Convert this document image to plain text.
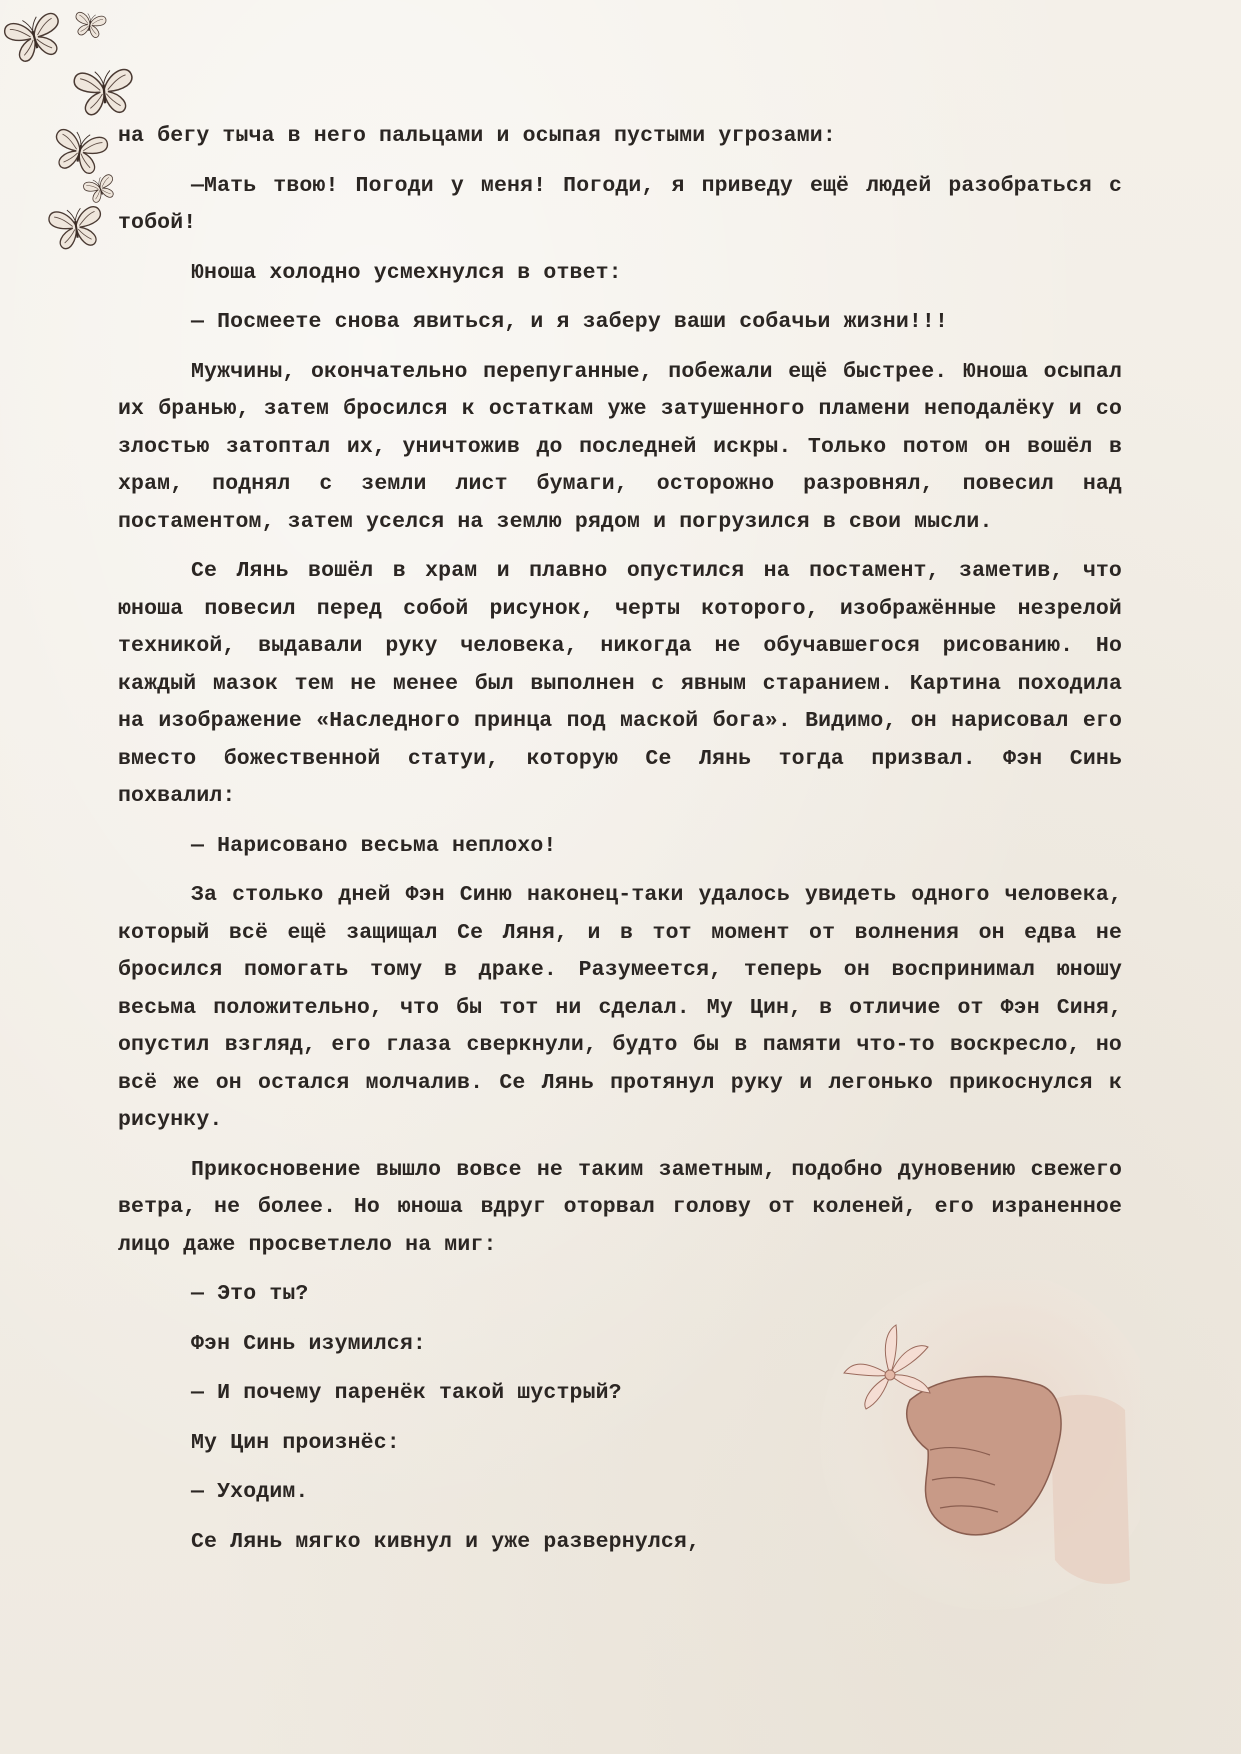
на бегу тыча в него пальцами и осыпая пустыми угрозами:

—Мать твою! Погоди у меня! Погоди, я приведу ещё людей разобраться с тобой!

Юноша холодно усмехнулся в ответ:

— Посмеете снова явиться, и я заберу ваши собачьи жизни!!!

Мужчины, окончательно перепуганные, побежали ещё быстрее. Юноша осыпал их бранью, затем бросился к остаткам уже затушенного пламени неподалёку и со злостью затоптал их, уничтожив до последней искры. Только потом он вошёл в храм, поднял с земли лист бумаги, осторожно разровнял, повесил над постаментом, затем уселся на землю рядом и погрузился в свои мысли.

Се Лянь вошёл в храм и плавно опустился на постамент, заметив, что юноша повесил перед собой рисунок, черты которого, изображённые незрелой техникой, выдавали руку человека, никогда не обучавшегося рисованию. Но каждый мазок тем не менее был выполнен с явным старанием. Картина походила на изображение «Наследного принца под маской бога». Видимо, он нарисовал его вместо божественной статуи, которую Се Лянь тогда призвал. Фэн Синь похвалил:

— Нарисовано весьма неплохо!

За столько дней Фэн Синю наконец-таки удалось увидеть одного человека, который всё ещё защищал Се Ляня, и в тот момент от волнения он едва не бросился помогать тому в драке. Разумеется, теперь он воспринимал юношу весьма положительно, что бы тот ни сделал. Му Цин, в отличие от Фэн Синя, опустил взгляд, его глаза сверкнули, будто бы в памяти что-то воскресло, но всё же он остался молчалив. Се Лянь протянул руку и легонько прикоснулся к рисунку.

Прикосновение вышло вовсе не таким заметным, подобно дуновению свежего ветра, не более. Но юноша вдруг оторвал голову от коленей, его израненное лицо даже просветлело на миг:

— Это ты?

Фэн Синь изумился:

— И почему паренёк такой шустрый?

Му Цин произнёс:

— Уходим.

Се Лянь мягко кивнул и уже развернулся,
